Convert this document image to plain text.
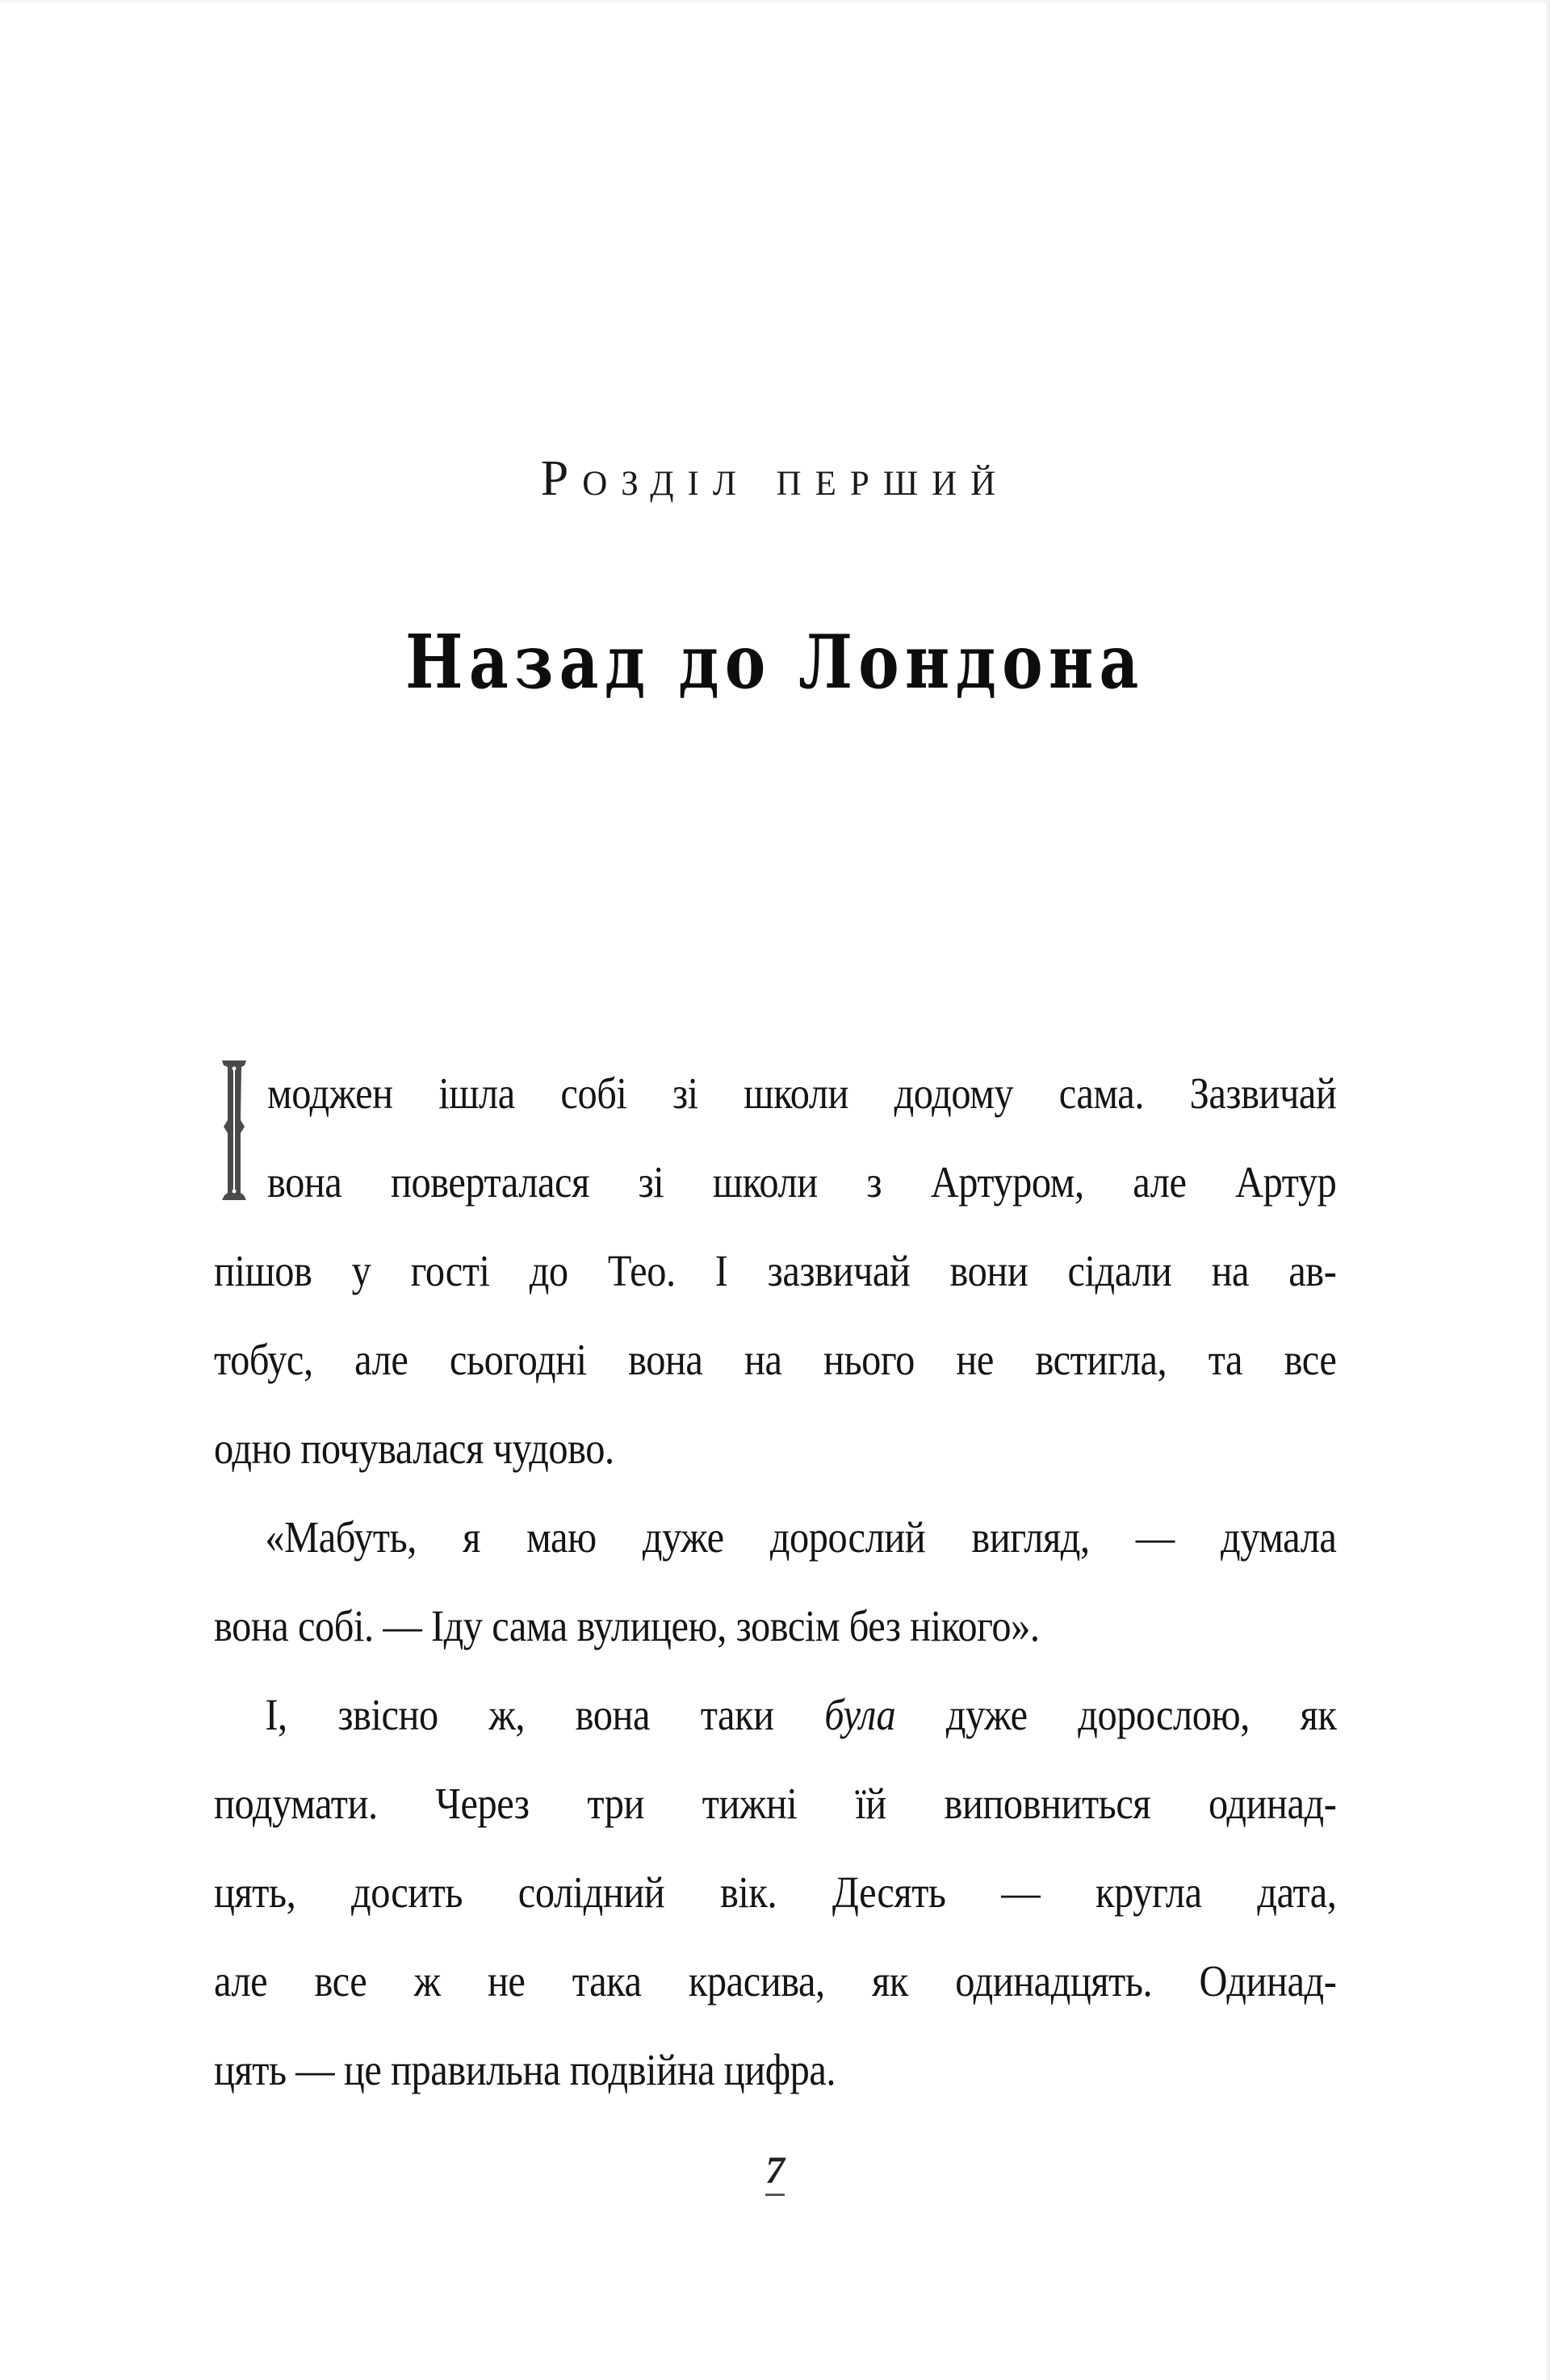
Розділ перший
Назад до Лондона
моджен ішла собі зі школи додому сама. Зазвичай
вона поверталася зі школи з Артуром, але Артур
пішов у гості до Тео. І зазвичай вони сідали на ав-
тобус, але сьогодні вона на нього не встигла, та все
одно почувалася чудово.
«Мабуть, я маю дуже дорослий вигляд, — думала
вона собі. — Іду сама вулицею, зовсім без нікого».
І, звісно ж, вона таки була дуже дорослою, як
подумати. Через три тижні їй виповниться одинад-
цять, досить солідний вік. Десять — кругла дата,
але все ж не така красива, як одинадцять. Одинад-
цять — це правильна подвійна цифра.
7
